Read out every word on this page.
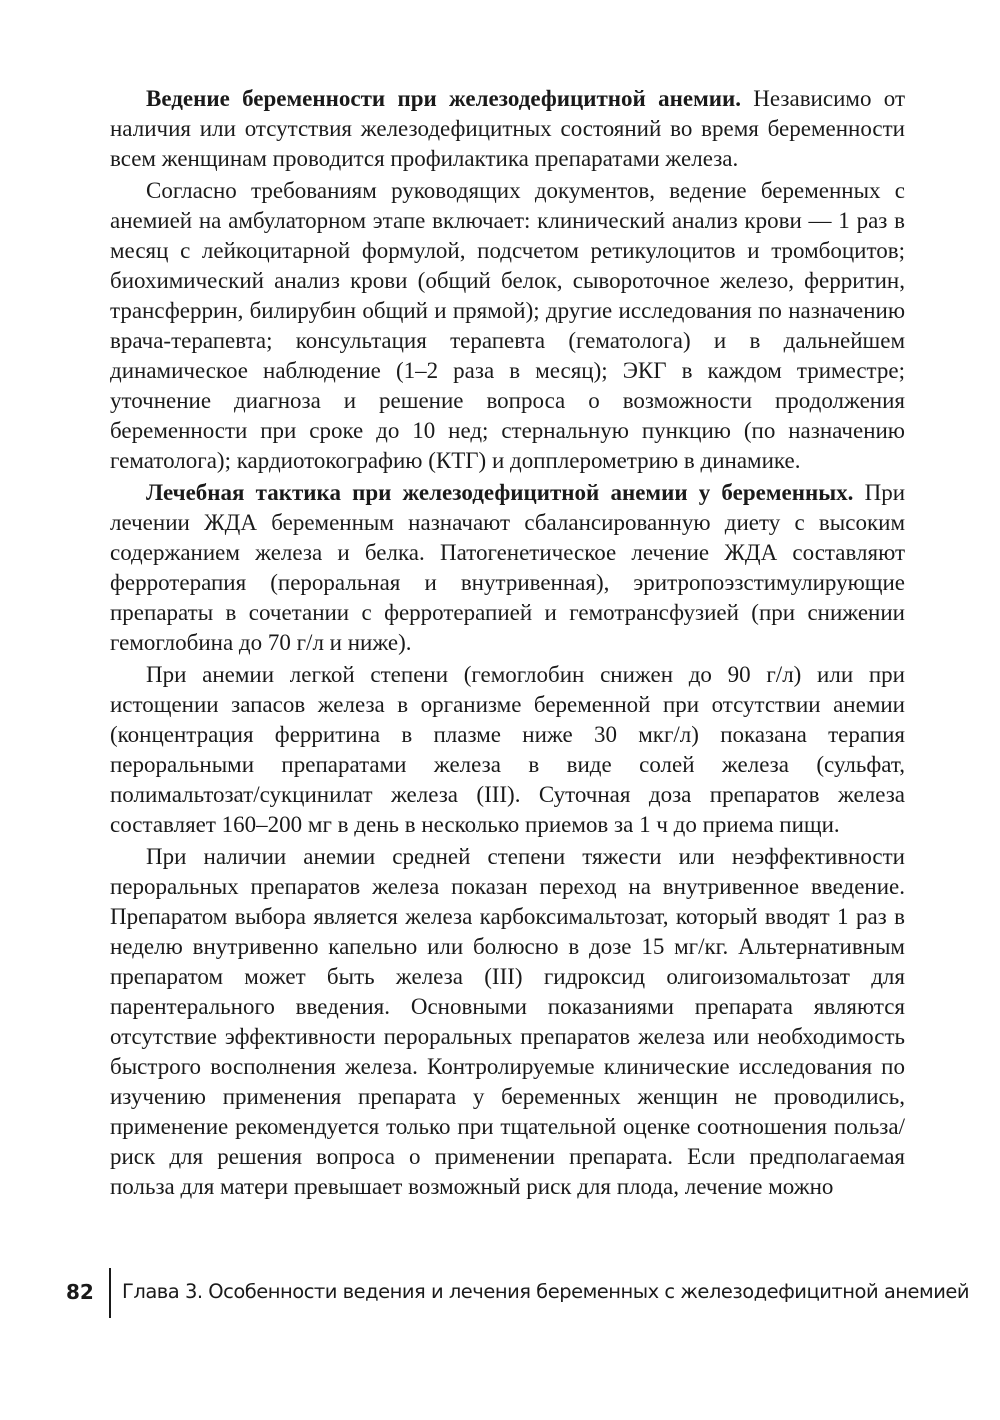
Ведение беременности при железодефицитной анемии. Независимо от наличия или отсутствия железодефицитных состояний во время беременности всем женщинам проводится профилактика препаратами железа.

Согласно требованиям руководящих документов, ведение беременных с анемией на амбулаторном этапе включает: клинический анализ крови — 1 раз в месяц с лейкоцитарной формулой, подсчетом ретикулоцитов и тромбоцитов; биохимический анализ крови (общий белок, сывороточное железо, ферритин, трансферрин, билирубин общий и прямой); другие исследования по назначению врача-терапевта; консультация терапевта (гематолога) и в дальнейшем динамическое наблюдение (1–2 раза в месяц); ЭКГ в каждом триместре; уточнение диагноза и решение вопроса о возможности продолжения беременности при сроке до 10 нед; стернальную пункцию (по назначению гематолога); кардиотокографию (КТГ) и допплерометрию в динамике.

Лечебная тактика при железодефицитной анемии у беременных. При лечении ЖДА беременным назначают сбалансированную диету с высоким содержанием железа и белка. Патогенетическое лечение ЖДА составляют ферротерапия (пероральная и внутривенная), эритропоэзстимулирующие препараты в сочетании с ферротерапией и гемотрансфузией (при снижении гемоглобина до 70 г/л и ниже).

При анемии легкой степени (гемоглобин снижен до 90 г/л) или при истощении запасов железа в организме беременной при отсутствии анемии (концентрация ферритина в плазме ниже 30 мкг/л) показана терапия пероральными препаратами железа в виде солей железа (сульфат, полимальтозат/сукцинилат железа (III). Суточная доза препаратов железа составляет 160–200 мг в день в несколько приемов за 1 ч до приема пищи.

При наличии анемии средней степени тяжести или неэффективности пероральных препаратов железа показан переход на внутривенное введение. Препаратом выбора является железа карбоксимальтозат, который вводят 1 раз в неделю внутривенно капельно или болюсно в дозе 15 мг/кг. Альтернативным препаратом может быть железа (III) гидроксид олигоизомальтозат для парентерального введения. Основными показаниями препарата являются отсутствие эффективности пероральных препаратов железа или необходимость быстрого восполнения железа. Контролируемые клинические исследования по изучению применения препарата у беременных женщин не проводились, применение рекомендуется только при тщательной оценке соотношения польза/риск для решения вопроса о применении препарата. Если предполагаемая польза для матери превышает возможный риск для плода, лечение можно

82 Глава 3. Особенности ведения и лечения беременных с железодефицитной анемией
